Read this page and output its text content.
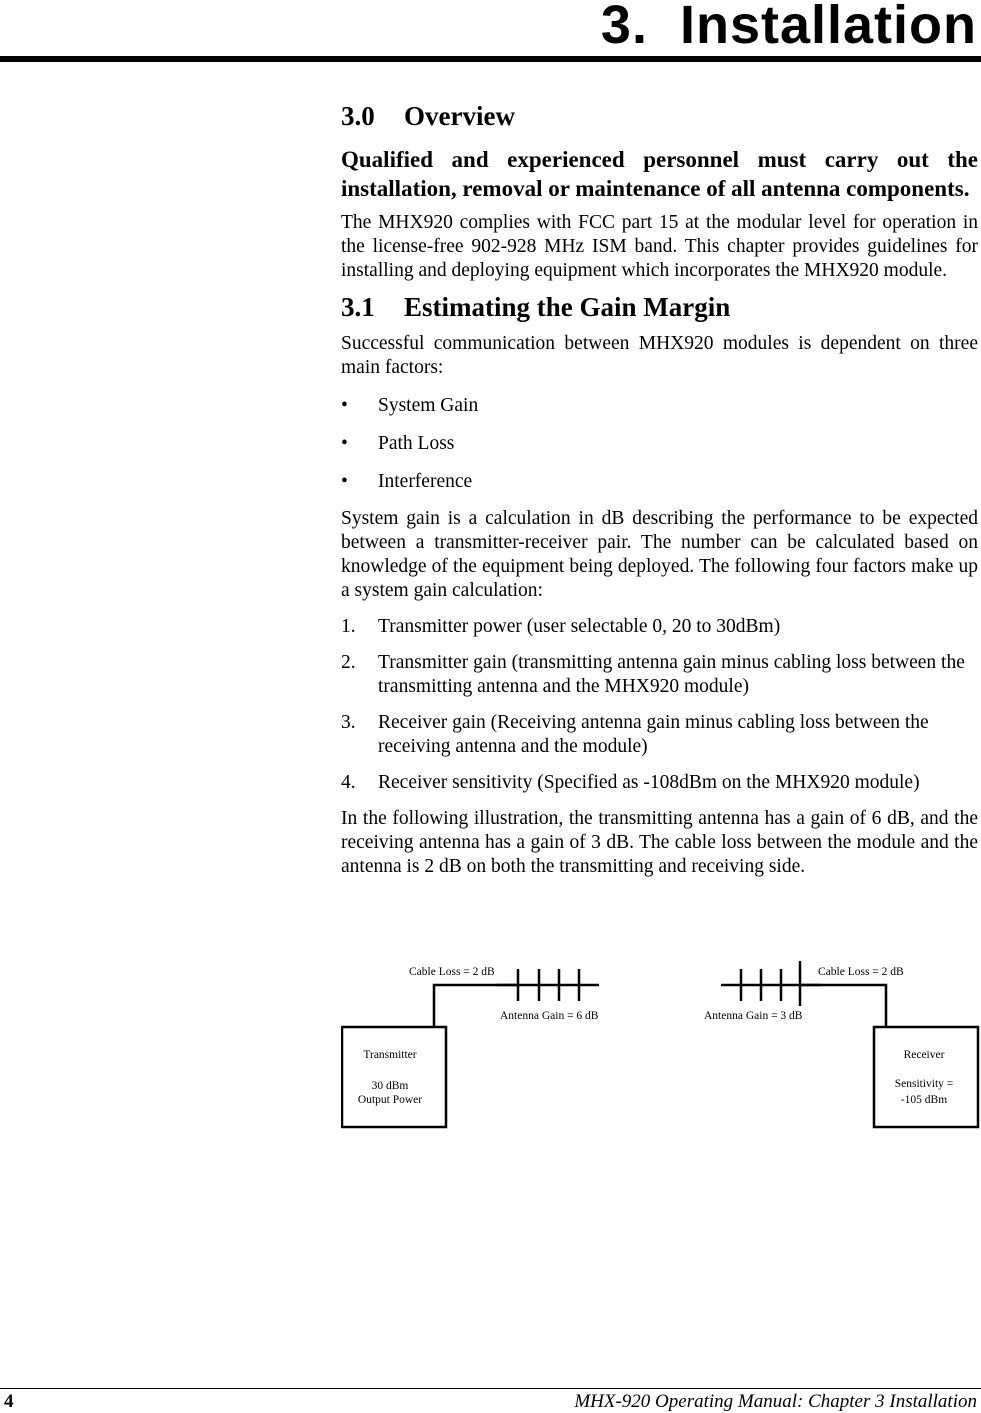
3.  Installation
3.0 Overview

Qualified and experienced personnel must carry out the installation, removal or maintenance of all antenna components.

The MHX920 complies with FCC part 15 at the modular level for operation in the license-free 902-928 MHz ISM band. This chapter provides guidelines for installing and deploying equipment which incorporates the MHX920 module.

3.1 Estimating the Gain Margin

Successful communication between MHX920 modules is dependent on three main factors:

• System Gain
• Path Loss
• Interference

System gain is a calculation in dB describing the performance to be expected between a transmitter-receiver pair. The number can be calculated based on knowledge of the equipment being deployed. The following four factors make up a system gain calculation:

1. Transmitter power (user selectable 0, 20 to 30dBm)
2. Transmitter gain (transmitting antenna gain minus cabling loss between the transmitting antenna and the MHX920 module)
3. Receiver gain (Receiving antenna gain minus cabling loss between the receiving antenna and the module)
4. Receiver sensitivity (Specified as -108dBm on the MHX920 module)

In the following illustration, the transmitting antenna has a gain of 6 dB, and the receiving antenna has a gain of 3 dB. The cable loss between the module and the antenna is 2 dB on both the transmitting and receiving side.

Cable Loss = 2 dB
Antenna Gain = 6 dB
Transmitter
30 dBm
Output Power
Cable Loss = 2 dB
Antenna Gain = 3 dB
Receiver
Sensitivity =
-105 dBm
4	MHX-920 Operating Manual: Chapter 3 Installation
